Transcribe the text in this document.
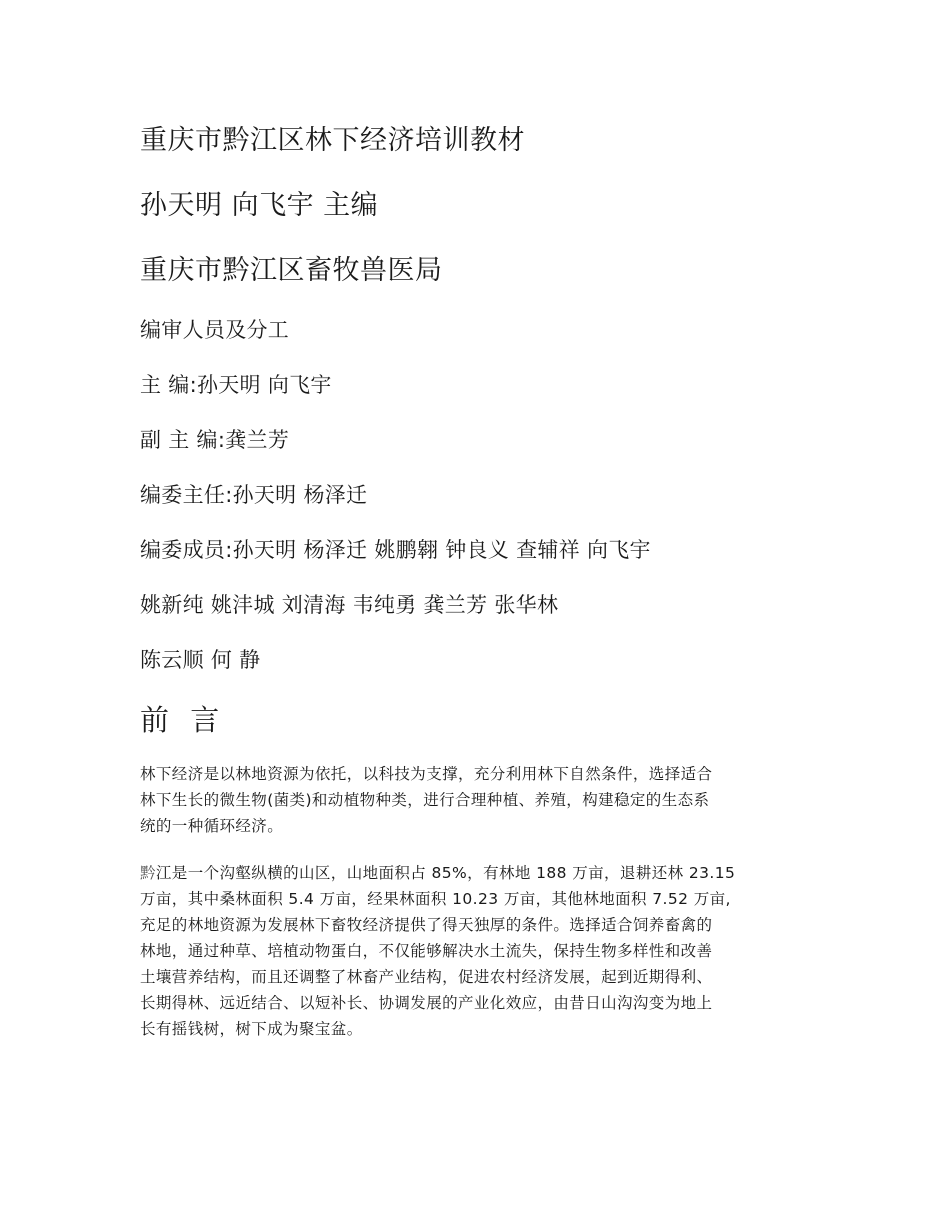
重庆市黔江区林下经济培训教材
孙天明 向飞宇 主编
重庆市黔江区畜牧兽医局
编审人员及分工
主 编:孙天明 向飞宇
副 主 编:龚兰芳
编委主任:孙天明 杨泽迁
编委成员:孙天明 杨泽迁 姚鹏翱 钟良义 查辅祥 向飞宇
姚新纯 姚沣城 刘清海 韦纯勇 龚兰芳 张华林
陈云顺 何 静
前 言
林下经济是以林地资源为依托，以科技为支撑，充分利用林下自然条件，选择适合
林下生长的微生物(菌类)和动植物种类，进行合理种植、养殖，构建稳定的生态系
统的一种循环经济。
黔江是一个沟壑纵横的山区，山地面积占 85%，有林地 188 万亩，退耕还林 23.15
万亩，其中桑林面积 5.4 万亩，经果林面积 10.23 万亩，其他林地面积 7.52 万亩,
充足的林地资源为发展林下畜牧经济提供了得天独厚的条件。选择适合饲养畜禽的
林地，通过种草、培植动物蛋白，不仅能够解决水土流失，保持生物多样性和改善
土壤营养结构，而且还调整了林畜产业结构，促进农村经济发展，起到近期得利、
长期得林、远近结合、以短补长、协调发展的产业化效应，由昔日山沟沟变为地上
长有摇钱树，树下成为聚宝盆。
